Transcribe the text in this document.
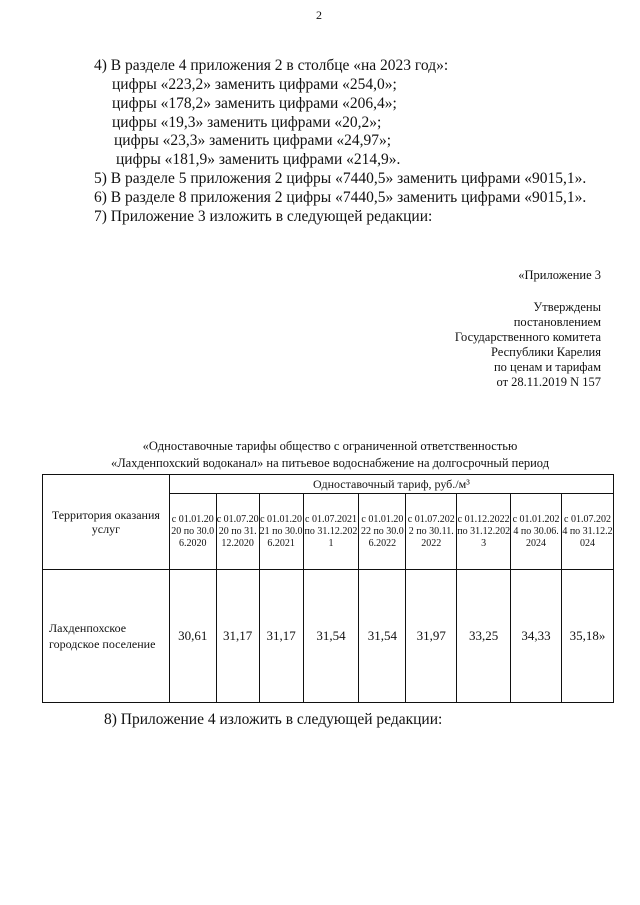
2
4) В разделе 4 приложения 2 в столбце «на 2023 год»:
цифры «223,2» заменить цифрами «254,0»;
цифры «178,2» заменить цифрами «206,4»;
цифры «19,3» заменить цифрами «20,2»;
цифры «23,3» заменить цифрами «24,97»;
цифры «181,9» заменить цифрами «214,9».
5) В разделе 5 приложения 2 цифры «7440,5» заменить цифрами «9015,1».
6) В разделе 8 приложения 2 цифры «7440,5» заменить цифрами «9015,1».
7) Приложение 3 изложить в следующей редакции:
«Приложение 3
Утверждены
постановлением
Государственного комитета
Республики Карелия
по ценам и тарифам
от 28.11.2019 N 157
«Одноставочные тарифы общество с ограниченной ответственностью
«Лахденпохский водоканал» на питьевое водоснабжение на долгосрочный период
Территория оказания услуг	Одноставочный тариф, руб./м³								
	с 01.01.2020 по 30.06.2020	с 01.07.2020 по 31.12.2020	с 01.01.2021 по 30.06.2021	с 01.07.2021 по 31.12.2021	с 01.01.2022 по 30.06.2022	с 01.07.2022 по 30.11.2022	с 01.12.2022 по 31.12.2023	с 01.01.2024 по 30.06.2024	с 01.07.2024 по 31.12.2024
Лахденпохское городское поселение	30,61	31,17	31,17	31,54	31,54	31,97	33,25	34,33	35,18»
8) Приложение 4 изложить в следующей редакции:
